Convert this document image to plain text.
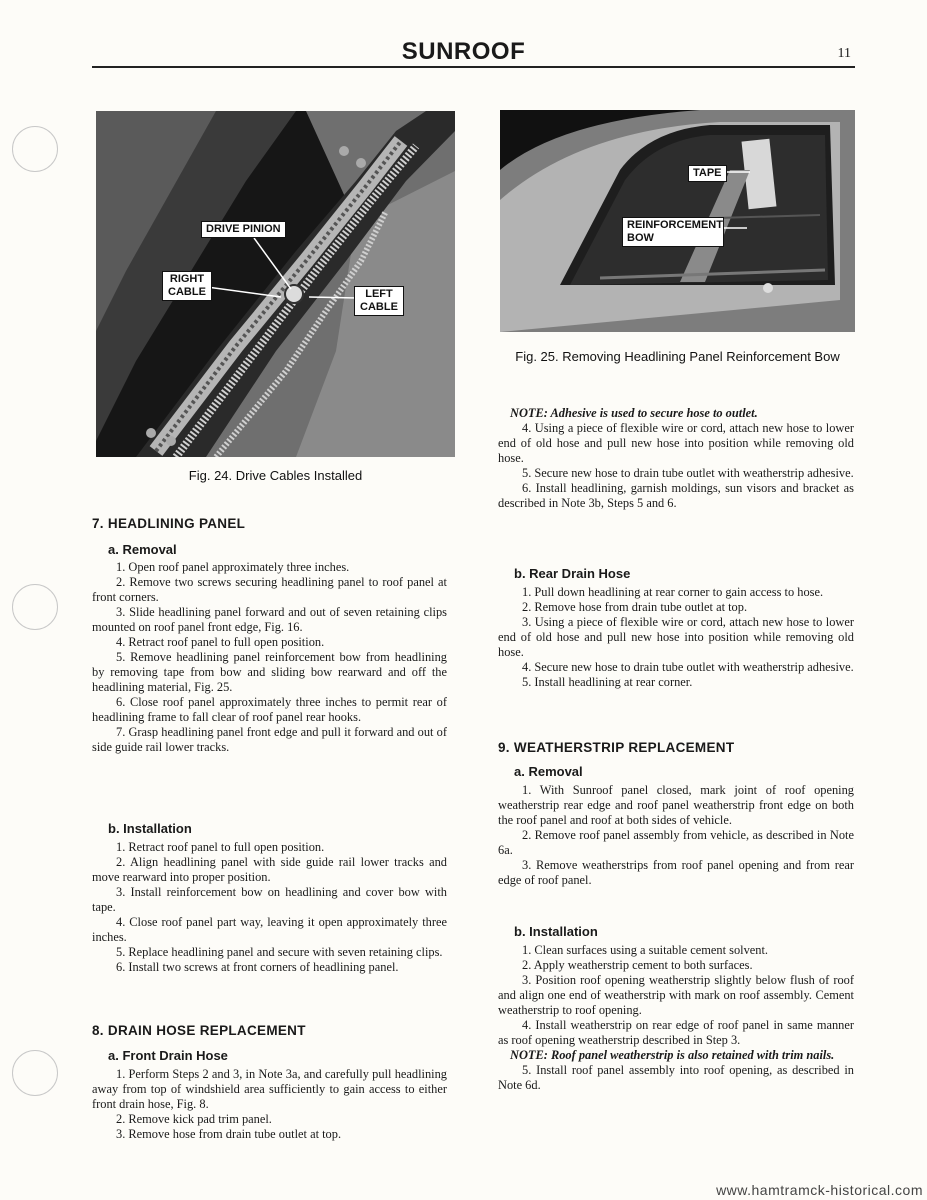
SUNROOF	11
DRIVE PINION
RIGHT CABLE	LEFT CABLE
Fig. 24. Drive Cables Installed
TAPE
REINFORCEMENT BOW
Fig. 25. Removing Headlining Panel Reinforcement Bow
7. HEADLINING PANEL
a. Removal

1. Open roof panel approximately three inches.

2. Remove two screws securing headlining panel to roof panel at front corners.

3. Slide headlining panel forward and out of seven retaining clips mounted on roof panel front edge, Fig. 16.

4. Retract roof panel to full open position.

5. Remove headlining panel reinforcement bow from headlining by removing tape from bow and sliding bow rearward and off the headlining material, Fig. 25.

6. Close roof panel approximately three inches to permit rear of headlining frame to fall clear of roof panel rear hooks.

7. Grasp headlining panel front edge and pull it forward and out of side guide rail lower tracks.

b. Installation

1. Retract roof panel to full open position.

2. Align headlining panel with side guide rail lower tracks and move rearward into proper position.

3. Install reinforcement bow on headlining and cover bow with tape.

4. Close roof panel part way, leaving it open approximately three inches.

5. Replace headlining panel and secure with seven retaining clips.

6. Install two screws at front corners of headlining panel.

8. DRAIN HOSE REPLACEMENT
a. Front Drain Hose

1. Perform Steps 2 and 3, in Note 3a, and carefully pull headlining away from top of windshield area sufficiently to gain access to either front drain hose, Fig. 8.

2. Remove kick pad trim panel.

3. Remove hose from drain tube outlet at top.

NOTE: Adhesive is used to secure hose to outlet.

4. Using a piece of flexible wire or cord, attach new hose to lower end of old hose and pull new hose into position while removing old hose.

5. Secure new hose to drain tube outlet with weatherstrip adhesive.

6. Install headlining, garnish moldings, sun visors and bracket as described in Note 3b, Steps 5 and 6.

b. Rear Drain Hose

1. Pull down headlining at rear corner to gain access to hose.

2. Remove hose from drain tube outlet at top.

3. Using a piece of flexible wire or cord, attach new hose to lower end of old hose and pull new hose into position while removing old hose.

4. Secure new hose to drain tube outlet with weatherstrip adhesive.

5. Install headlining at rear corner.

9. WEATHERSTRIP REPLACEMENT
a. Removal

1. With Sunroof panel closed, mark joint of roof opening weatherstrip rear edge and roof panel weatherstrip front edge on both the roof panel and roof at both sides of vehicle.

2. Remove roof panel assembly from vehicle, as described in Note 6a.

3. Remove weatherstrips from roof panel opening and from rear edge of roof panel.

b. Installation

1. Clean surfaces using a suitable cement solvent.

2. Apply weatherstrip cement to both surfaces.

3. Position roof opening weatherstrip slightly below flush of roof and align one end of weatherstrip with mark on roof assembly. Cement weatherstrip to roof opening.

4. Install weatherstrip on rear edge of roof panel in same manner as roof opening weatherstrip described in Step 3.

NOTE: Roof panel weatherstrip is also retained with trim nails.

5. Install roof panel assembly into roof opening, as described in Note 6d.

www.hamtramck-historical.com
